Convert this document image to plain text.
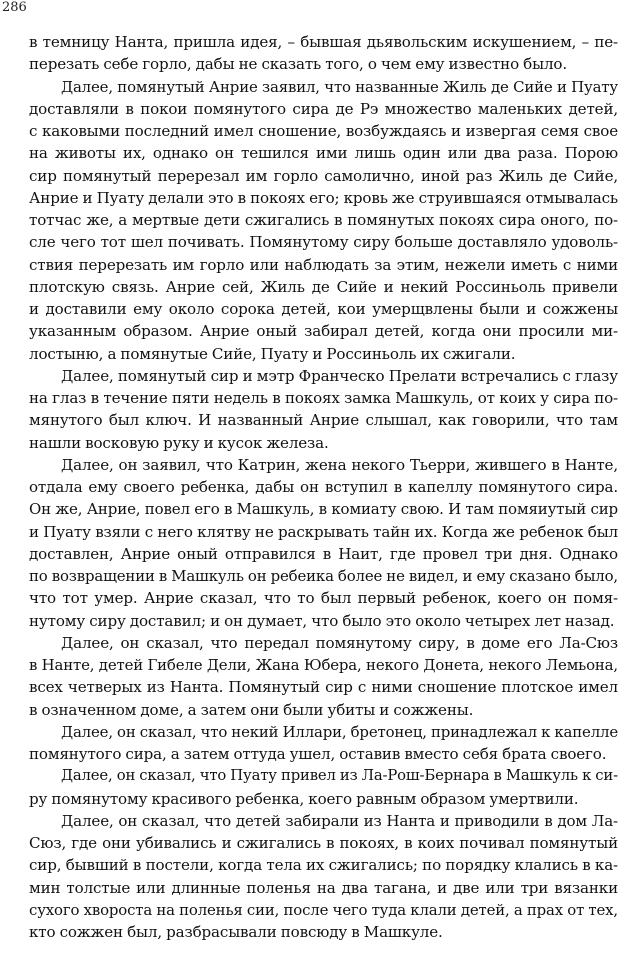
286
в темницу Нанта, пришла идея, – бывшая дьявольским искушением, – пе-
перезать себе горло, дабы не сказать того, о чем ему известно было.
Далее, помянутый Анрие заявил, что названные Жиль де Сийе и Пуату
доставляли в покои помянутого сира де Рэ множество маленьких детей,
с каковыми последний имел сношение, возбуждаясь и извергая семя свое
на животы их, однако он тешился ими лишь один или два раза. Порою
сир помянутый перерезал им горло самолично, иной раз Жиль де Сийе,
Анрие и Пуату делали это в покоях его; кровь же струившаяся отмывалась
тотчас же, а мертвые дети сжигались в помянутых покоях сира оного, по-
сле чего тот шел почивать. Помянутому сиру больше доставляло удоволь-
ствия перерезать им горло или наблюдать за этим, нежели иметь с ними
плотскую связь. Анрие сей, Жиль де Сийе и некий Россиньоль привели
и доставили ему около сорока детей, кои умерщвлены были и сожжены
указанным образом. Анрие оный забирал детей, когда они просили ми-
лостыню, а помянутые Сийе, Пуату и Россиньоль их сжигали.
Далее, помянутый сир и мэтр Франческо Прелати встречались с глазу
на глаз в течение пяти недель в покоях замка Машкуль, от коих у сира по-
мянутого был ключ. И названный Анрие слышал, как говорили, что там
нашли восковую руку и кусок железа.
Далее, он заявил, что Катрин, жена некого Тьерри, жившего в Нанте,
отдала ему своего ребенка, дабы он вступил в капеллу помянутого сира.
Он же, Анрие, повел его в Машкуль, в комиату свою. И там помяиутый сир
и Пуату взяли с него клятву не раскрывать тайн их. Когда же ребенок был
доставлен, Анрие оный отправился в Наит, где провел три дня. Однако
по возвращении в Машкуль он ребеика более не видел, и ему сказано было,
что тот умер. Анрие сказал, что то был первый ребенок, коего он помя-
нутому сиру доставил; и он думает, что было это около четырех лет назад.
Далее, он сказал, что передал помянутому сиру, в доме его Ла-Сюз
в Нанте, детей Гибеле Дели, Жана Юбера, некого Донета, некого Лемьона,
всех четверых из Нанта. Помянутый сир с ними сношение плотское имел
в означенном доме, а затем они были убиты и сожжены.
Далее, он сказал, что некий Иллари, бретонец, принадлежал к капелле
помянутого сира, а затем оттуда ушел, оставив вместо себя брата своего.
Далее, он сказал, что Пуату привел из Ла-Рош-Бернара в Машкуль к си-
ру помянутому красивого ребенка, коего равным образом умертвили.
Далее, он сказал, что детей забирали из Нанта и приводили в дом Ла-
Сюз, где они убивались и сжигались в покоях, в коих почивал помянутый
сир, бывший в постели, когда тела их сжигались; по порядку клались в ка-
мин толстые или длинные поленья на два тагана, и две или три вязанки
сухого хворостa на поленья сии, после чего туда клали детей, а прах от тех,
кто сожжен был, разбрасывали повсюду в Машкуле.
